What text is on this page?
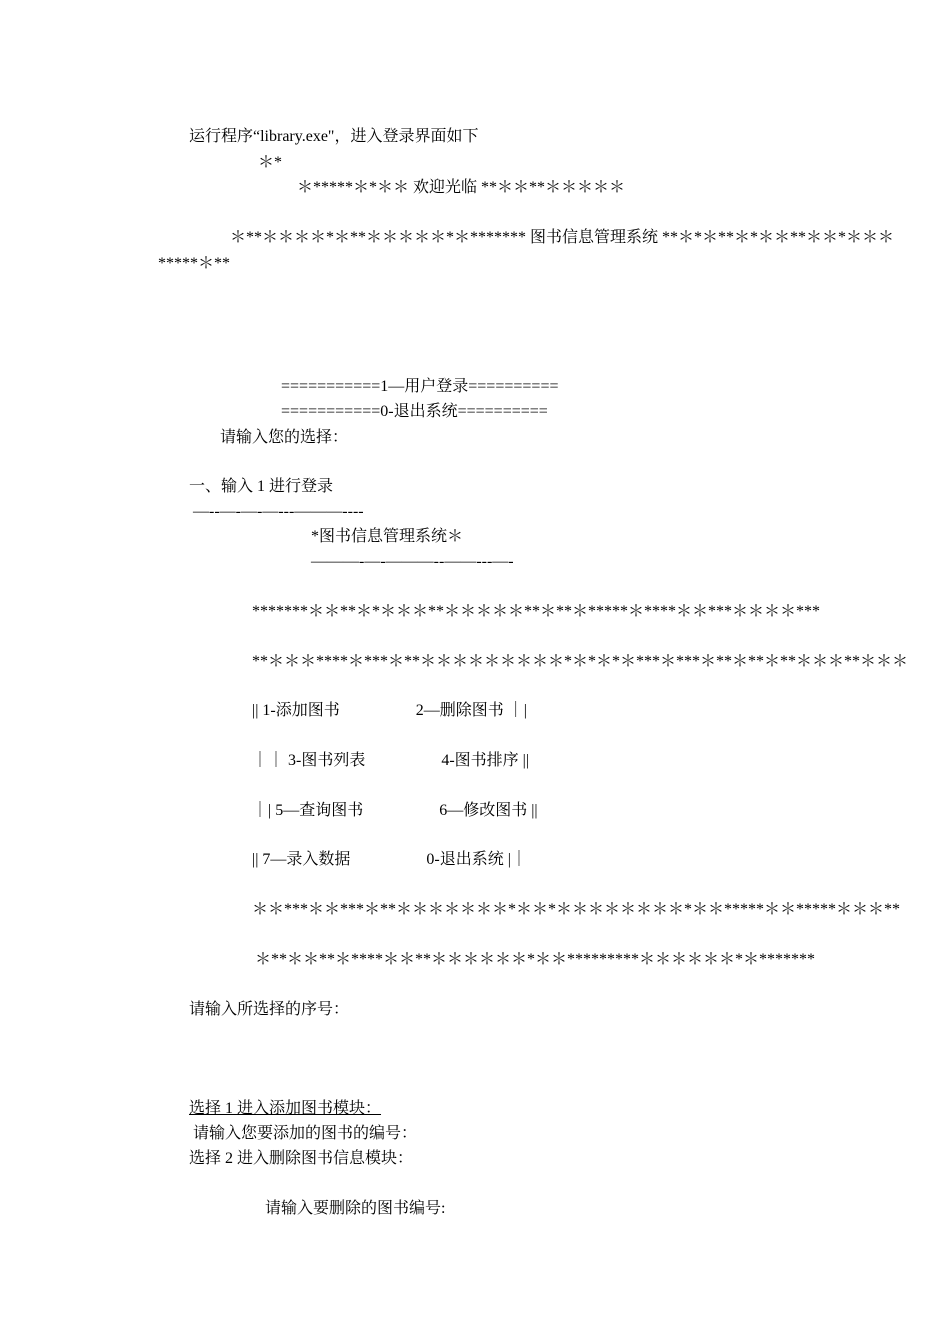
运行程序“library.exe"，进入登录界面如下
＊*
＊*****＊*＊＊ 欢迎光临 **＊＊**＊＊＊＊＊
＊**＊＊＊＊*＊**＊＊＊＊＊*＊******* 图书信息管理系统 **＊*＊**＊*＊＊**＊＊*＊＊＊
*****＊**
===========1—用户登录==========
===========0-退出系统==========
请输入您的选择：
一、输入 1 进行登录
—--—-—-—---———----
*图书信息管理系统＊
———-—-———--——---—-
*******＊＊**＊*＊＊＊**＊＊＊＊＊**＊**＊*****＊****＊＊***＊＊＊＊***
**＊＊＊****＊***＊**＊＊＊＊＊＊＊＊＊*＊*＊*＊***＊***＊**＊**＊**＊＊＊**＊＊＊
|| 1-添加图书                   2—删除图书 ｜|
｜｜ 3-图书列表                   4-图书排序 ||
｜| 5—查询图书                   6—修改图书 ||
|| 7—录入数据                   0-退出系统 |｜
＊＊***＊＊***＊**＊＊＊＊＊＊＊*＊＊*＊＊＊＊＊＊＊＊*＊＊*****＊＊*****＊＊＊**
＊**＊＊**＊****＊＊**＊＊＊＊＊＊*＊＊*********＊＊＊＊＊＊*＊*******
请输入所选择的序号：
选择 1 进入添加图书模块：
请输入您要添加的图书的编号：
选择 2 进入删除图书信息模块：
请输入要删除的图书编号:
